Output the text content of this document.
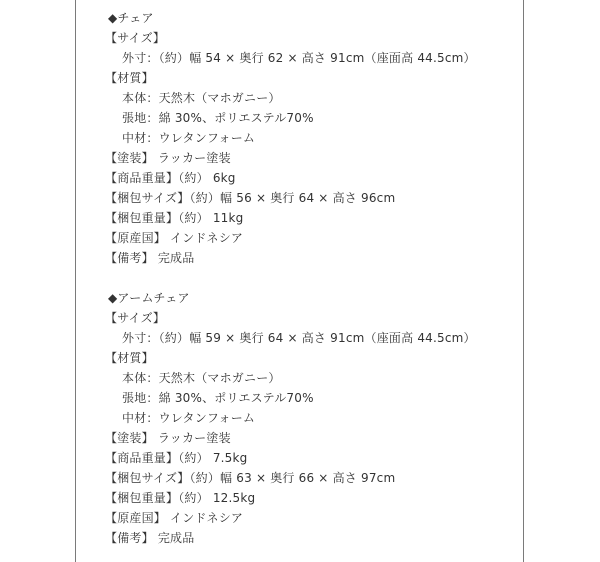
◆チェア
【サイズ】
外寸：（約）幅 54 × 奥行 62 × 高さ 91cm（座面高 44.5cm）
【材質】
本体：天然木（マホガニー）
張地：綿 30%、ポリエステル70%
中材：ウレタンフォーム
【塗装】 ラッカー塗装
【商品重量】（約） 6kg
【梱包サイズ】（約）幅 56 × 奥行 64 × 高さ 96cm
【梱包重量】（約） 11kg
【原産国】 インドネシア
【備考】 完成品
◆アームチェア
【サイズ】
外寸：（約）幅 59 × 奥行 64 × 高さ 91cm（座面高 44.5cm）
【材質】
本体：天然木（マホガニー）
張地：綿 30%、ポリエステル70%
中材：ウレタンフォーム
【塗装】 ラッカー塗装
【商品重量】（約） 7.5kg
【梱包サイズ】（約）幅 63 × 奥行 66 × 高さ 97cm
【梱包重量】（約） 12.5kg
【原産国】 インドネシア
【備考】 完成品
